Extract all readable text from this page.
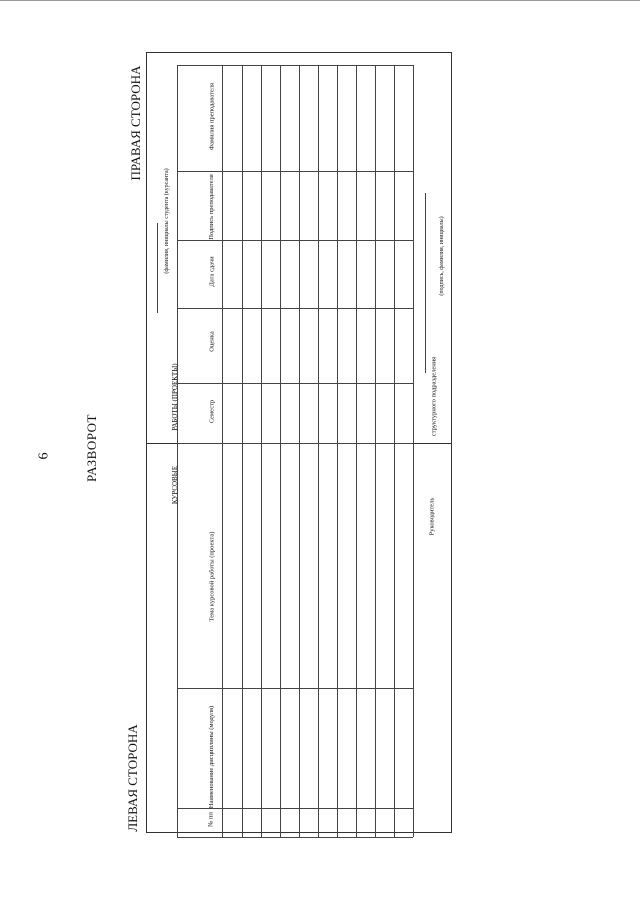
6	РАЗВОРОТ
ЛЕВАЯ СТОРОНА
ПРАВАЯ СТОРОНА
КУРСОВЫЕ
РАБОТЫ (ПРОЕКТЫ)
(фамилия, инициалы студента (курсанта)
№ пп
Наименование дисциплины (модуля)
Тема курсовой работы (проекта)
Семестр
Оценка
Дата сдачи
Подпись преподавателя
Фамилия преподавателя
Руководитель
структурного подразделения
(подпись, фамилия, инициалы)
